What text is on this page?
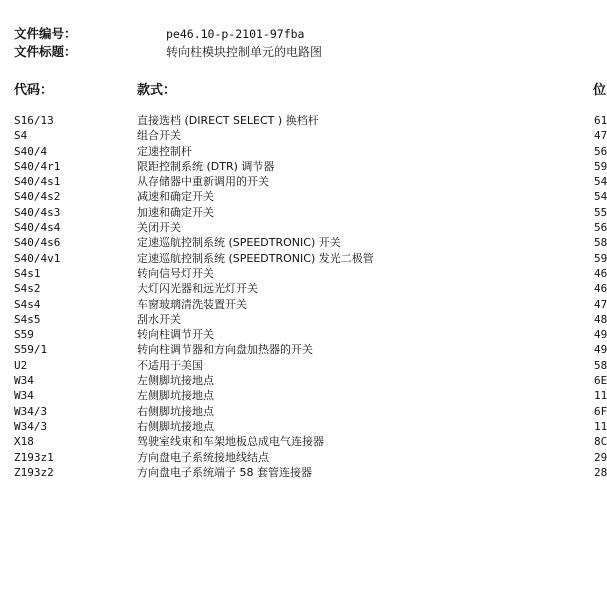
文件编号：	pe46.10-p-2101-97fba
文件标题：	转向柱模块控制单元的电路图
代码：	款式：	位
S16/13	直接选档 (DIRECT SELECT ) 换档杆	61
S4	组合开关	47
S40/4	定速控制杆	56
S40/4r1	限距控制系统 (DTR) 调节器	59
S40/4s1	从存储器中重新调用的开关	54
S40/4s2	减速和确定开关	54
S40/4s3	加速和确定开关	55
S40/4s4	关闭开关	56
S40/4s6	定速巡航控制系统 (SPEEDTRONIC) 开关	58
S40/4v1	定速巡航控制系统 (SPEEDTRONIC) 发光二极管	59
S4s1	转向信号灯开关	46
S4s2	大灯闪光器和远光灯开关	46
S4s4	车窗玻璃清洗装置开关	47
S4s5	刮水开关	48
S59	转向柱调节开关	49
S59/1	转向柱调节器和方向盘加热器的开关	49
U2	不适用于美国	58
W34	左侧脚坑接地点	6E
W34	左侧脚坑接地点	11
W34/3	右侧脚坑接地点	6F
W34/3	右侧脚坑接地点	11
X18	驾驶室线束和车架地板总成电气连接器	8C
Z193z1	方向盘电子系统接地线结点	29
Z193z2	方向盘电子系统端子 58 套管连接器	28
